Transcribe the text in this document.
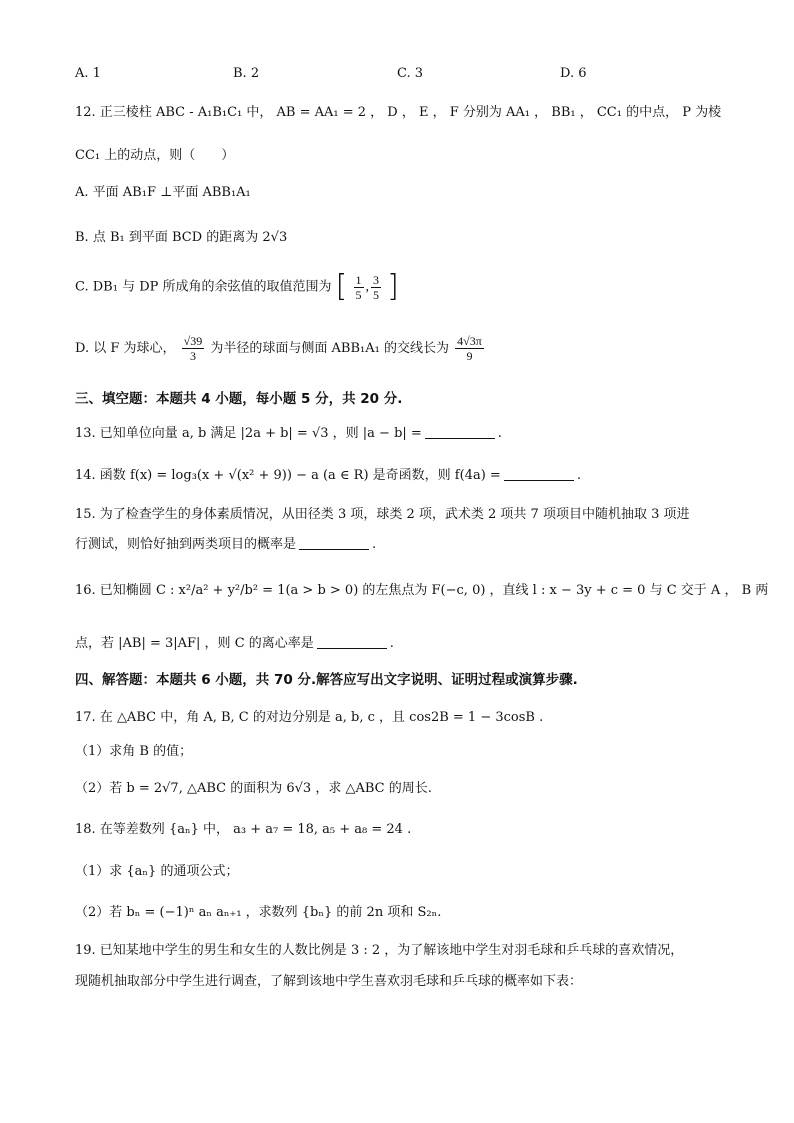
A. 1	B. 2	C. 3	D. 6
12. 正三棱柱 ABC - A₁B₁C₁ 中， AB = AA₁ = 2 ， D ， E ， F 分别为 AA₁ ， BB₁ ， CC₁ 的中点， P 为棱
CC₁ 上的动点，则（　　）
A. 平面 AB₁F ⊥平面 ABB₁A₁
B. 点 B₁ 到平面 BCD 的距离为 2√3
C. DB₁ 与 DP 所成角的余弦值的取值范围为 [ $\frac{1}{5}$ , $\frac{3}{5}$ ]
D. 以 F 为球心， $\frac{√39}{3}$ 为半径的球面与侧面 ABB₁A₁ 的交线长为 $\frac{4√3\pi}{9}$
三、填空题：本题共 4 小题，每小题 5 分，共 20 分.
13. 已知单位向量 a, b 满足 |2a + b| = √3 ，则 |a − b| =	.
14. 函数 f(x) = log₃(x + √(x² + 9)) − a (a ∈ R) 是奇函数，则 f(4a) =	.
15. 为了检查学生的身体素质情况，从田径类 3 项，球类 2 项，武术类 2 项共 7 项项目中随机抽取 3 项进
行测试，则恰好抽到两类项目的概率是	.
16. 已知椭圆 C : x²/a² + y²/b² = 1(a > b > 0) 的左焦点为 F(−c, 0) ，直线 l : x − 3y + c = 0 与 C 交于 A ， B 两
点，若 |AB| = 3|AF| ，则 C 的离心率是	.
四、解答题：本题共 6 小题，共 70 分.解答应写出文字说明、证明过程或演算步骤.
17. 在 △ABC 中，角 A, B, C 的对边分别是 a, b, c ，且 cos2B = 1 − 3cosB .
（1）求角 B 的值；
（2）若 b = 2√7, △ABC 的面积为 6√3 ，求 △ABC 的周长.
18. 在等差数列 {aₙ} 中， a₃ + a₇ = 18, a₅ + a₈ = 24 .
（1）求 {aₙ} 的通项公式；
（2）若 bₙ = (−1)ⁿ aₙ aₙ₊₁ ，求数列 {bₙ} 的前 2n 项和 S₂ₙ.
19. 已知某地中学生的男生和女生的人数比例是 3 : 2 ，为了解该地中学生对羽毛球和乒乓球的喜欢情况，
现随机抽取部分中学生进行调查，了解到该地中学生喜欢羽毛球和乒乓球的概率如下表：
